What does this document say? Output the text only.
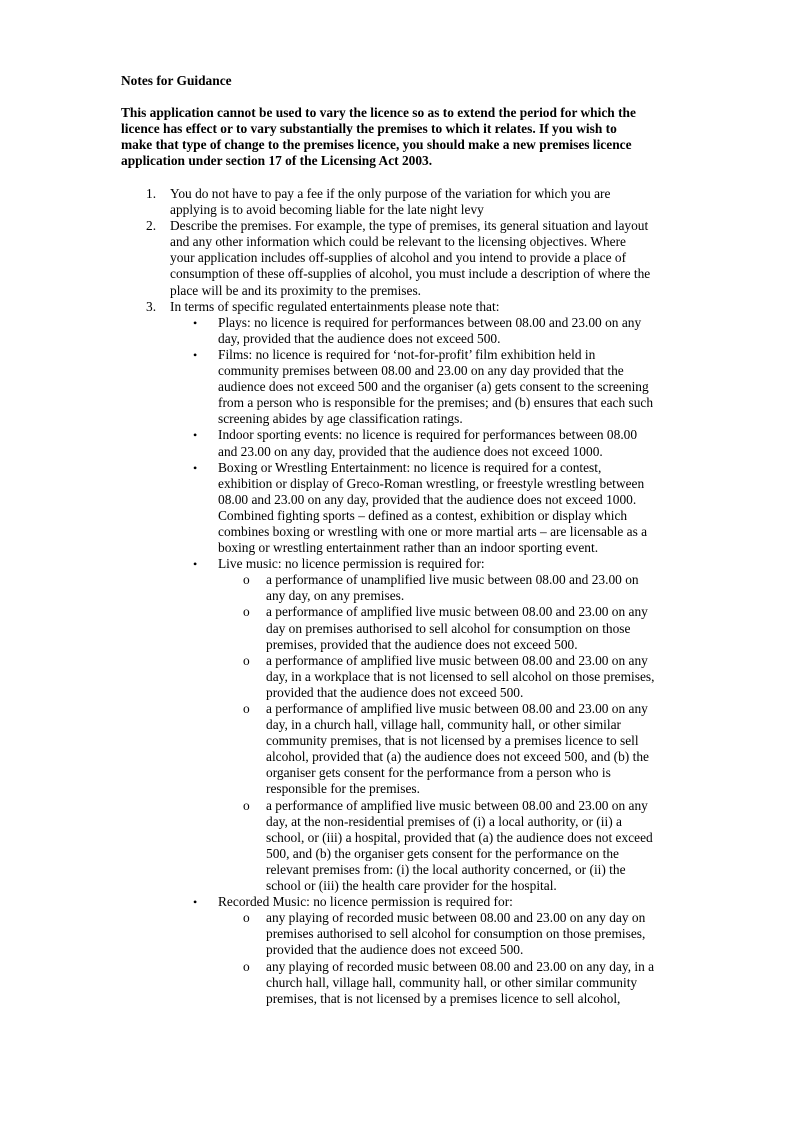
Notes for Guidance
This application cannot be used to vary the licence so as to extend the period for which the
licence has effect or to vary substantially the premises to which it relates. If you wish to
make that type of change to the premises licence, you should make a new premises licence
application under section 17 of the Licensing Act 2003.
1. You do not have to pay a fee if the only purpose of the variation for which you are
applying is to avoid becoming liable for the late night levy
2. Describe the premises. For example, the type of premises, its general situation and layout
and any other information which could be relevant to the licensing objectives. Where
your application includes off-supplies of alcohol and you intend to provide a place of
consumption of these off-supplies of alcohol, you must include a description of where the
place will be and its proximity to the premises.
3. In terms of specific regulated entertainments please note that:
• Plays: no licence is required for performances between 08.00 and 23.00 on any
day, provided that the audience does not exceed 500.
• Films: no licence is required for ‘not-for-profit’ film exhibition held in
community premises between 08.00 and 23.00 on any day provided that the
audience does not exceed 500 and the organiser (a) gets consent to the screening
from a person who is responsible for the premises; and (b) ensures that each such
screening abides by age classification ratings.
• Indoor sporting events: no licence is required for performances between 08.00
and 23.00 on any day, provided that the audience does not exceed 1000.
• Boxing or Wrestling Entertainment: no licence is required for a contest,
exhibition or display of Greco-Roman wrestling, or freestyle wrestling between
08.00 and 23.00 on any day, provided that the audience does not exceed 1000.
Combined fighting sports – defined as a contest, exhibition or display which
combines boxing or wrestling with one or more martial arts – are licensable as a
boxing or wrestling entertainment rather than an indoor sporting event.
• Live music: no licence permission is required for:
o a performance of unamplified live music between 08.00 and 23.00 on
any day, on any premises.
o a performance of amplified live music between 08.00 and 23.00 on any
day on premises authorised to sell alcohol for consumption on those
premises, provided that the audience does not exceed 500.
o a performance of amplified live music between 08.00 and 23.00 on any
day, in a workplace that is not licensed to sell alcohol on those premises,
provided that the audience does not exceed 500.
o a performance of amplified live music between 08.00 and 23.00 on any
day, in a church hall, village hall, community hall, or other similar
community premises, that is not licensed by a premises licence to sell
alcohol, provided that (a) the audience does not exceed 500, and (b) the
organiser gets consent for the performance from a person who is
responsible for the premises.
o a performance of amplified live music between 08.00 and 23.00 on any
day, at the non-residential premises of (i) a local authority, or (ii) a
school, or (iii) a hospital, provided that (a) the audience does not exceed
500, and (b) the organiser gets consent for the performance on the
relevant premises from: (i) the local authority concerned, or (ii) the
school or (iii) the health care provider for the hospital.
• Recorded Music: no licence permission is required for:
o any playing of recorded music between 08.00 and 23.00 on any day on
premises authorised to sell alcohol for consumption on those premises,
provided that the audience does not exceed 500.
o any playing of recorded music between 08.00 and 23.00 on any day, in a
church hall, village hall, community hall, or other similar community
premises, that is not licensed by a premises licence to sell alcohol,
